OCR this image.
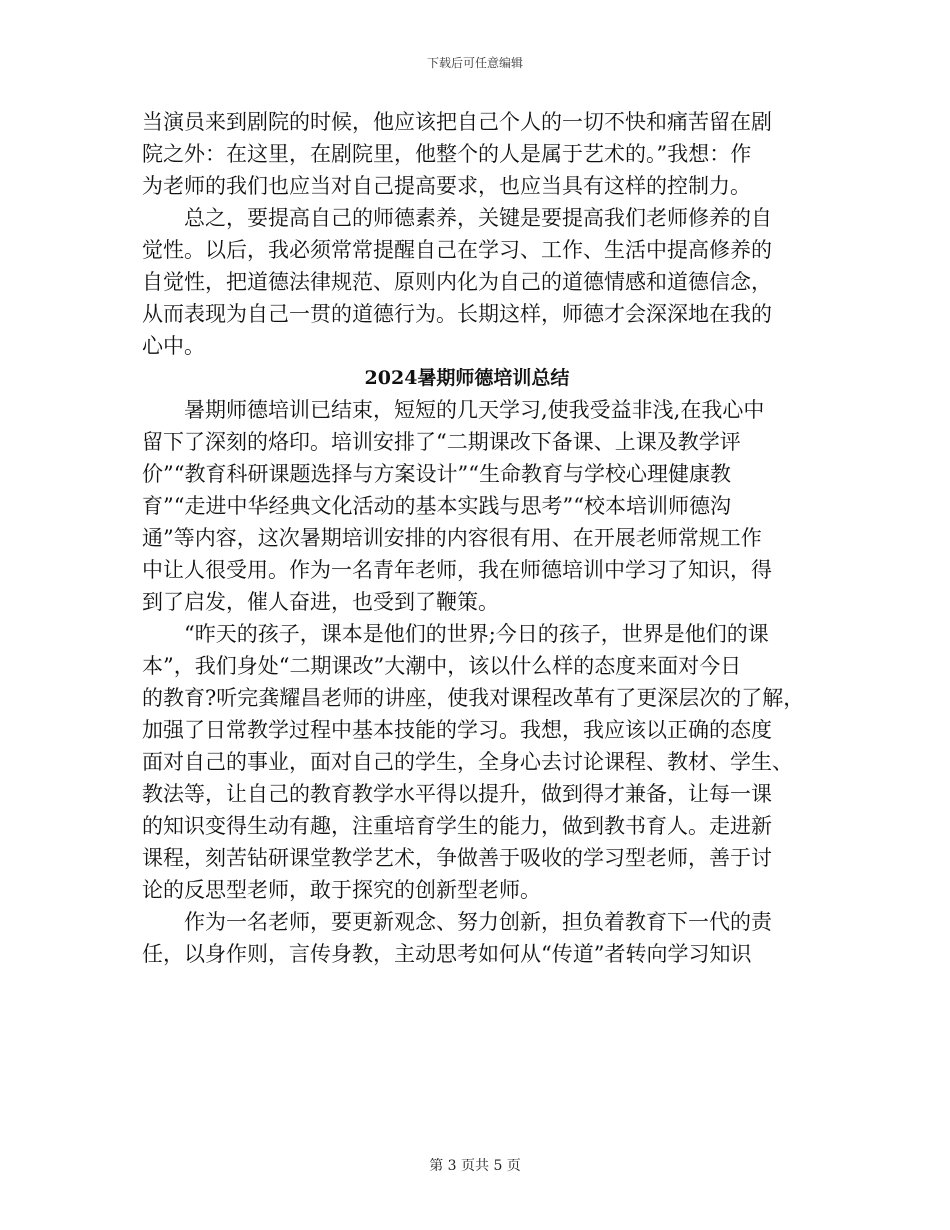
下载后可任意编辑
当演员来到剧院的时候，他应该把自己个人的一切不快和痛苦留在剧
院之外：在这里，在剧院里，他整个的人是属于艺术的。”我想：作
为老师的我们也应当对自己提高要求，也应当具有这样的控制力。
总之，要提高自己的师德素养，关键是要提高我们老师修养的自
觉性。以后，我必须常常提醒自己在学习、工作、生活中提高修养的
自觉性，把道德法律规范、原则内化为自己的道德情感和道德信念，
从而表现为自己一贯的道德行为。长期这样，师德才会深深地在我的
心中。
2024暑期师德培训总结
暑期师德培训已结束，短短的几天学习,使我受益非浅,在我心中
留下了深刻的烙印。培训安排了“二期课改下备课、上课及教学评
价”“教育科研课题选择与方案设计”“生命教育与学校心理健康教
育”“走进中华经典文化活动的基本实践与思考”“校本培训师德沟
通”等内容，这次暑期培训安排的内容很有用、在开展老师常规工作
中让人很受用。作为一名青年老师，我在师德培训中学习了知识，得
到了启发，催人奋进，也受到了鞭策。
“昨天的孩子，课本是他们的世界;今日的孩子，世界是他们的课
本”，我们身处“二期课改”大潮中，该以什么样的态度来面对今日
的教育?听完龚耀昌老师的讲座，使我对课程改革有了更深层次的了解，
加强了日常教学过程中基本技能的学习。我想，我应该以正确的态度
面对自己的事业，面对自己的学生，全身心去讨论课程、教材、学生、
教法等，让自己的教育教学水平得以提升，做到得才兼备，让每一课
的知识变得生动有趣，注重培育学生的能力，做到教书育人。走进新
课程，刻苦钻研课堂教学艺术，争做善于吸收的学习型老师，善于讨
论的反思型老师，敢于探究的创新型老师。
作为一名老师，要更新观念、努力创新，担负着教育下一代的责
任，以身作则，言传身教，主动思考如何从“传道”者转向学习知识
第 3 页共 5 页
